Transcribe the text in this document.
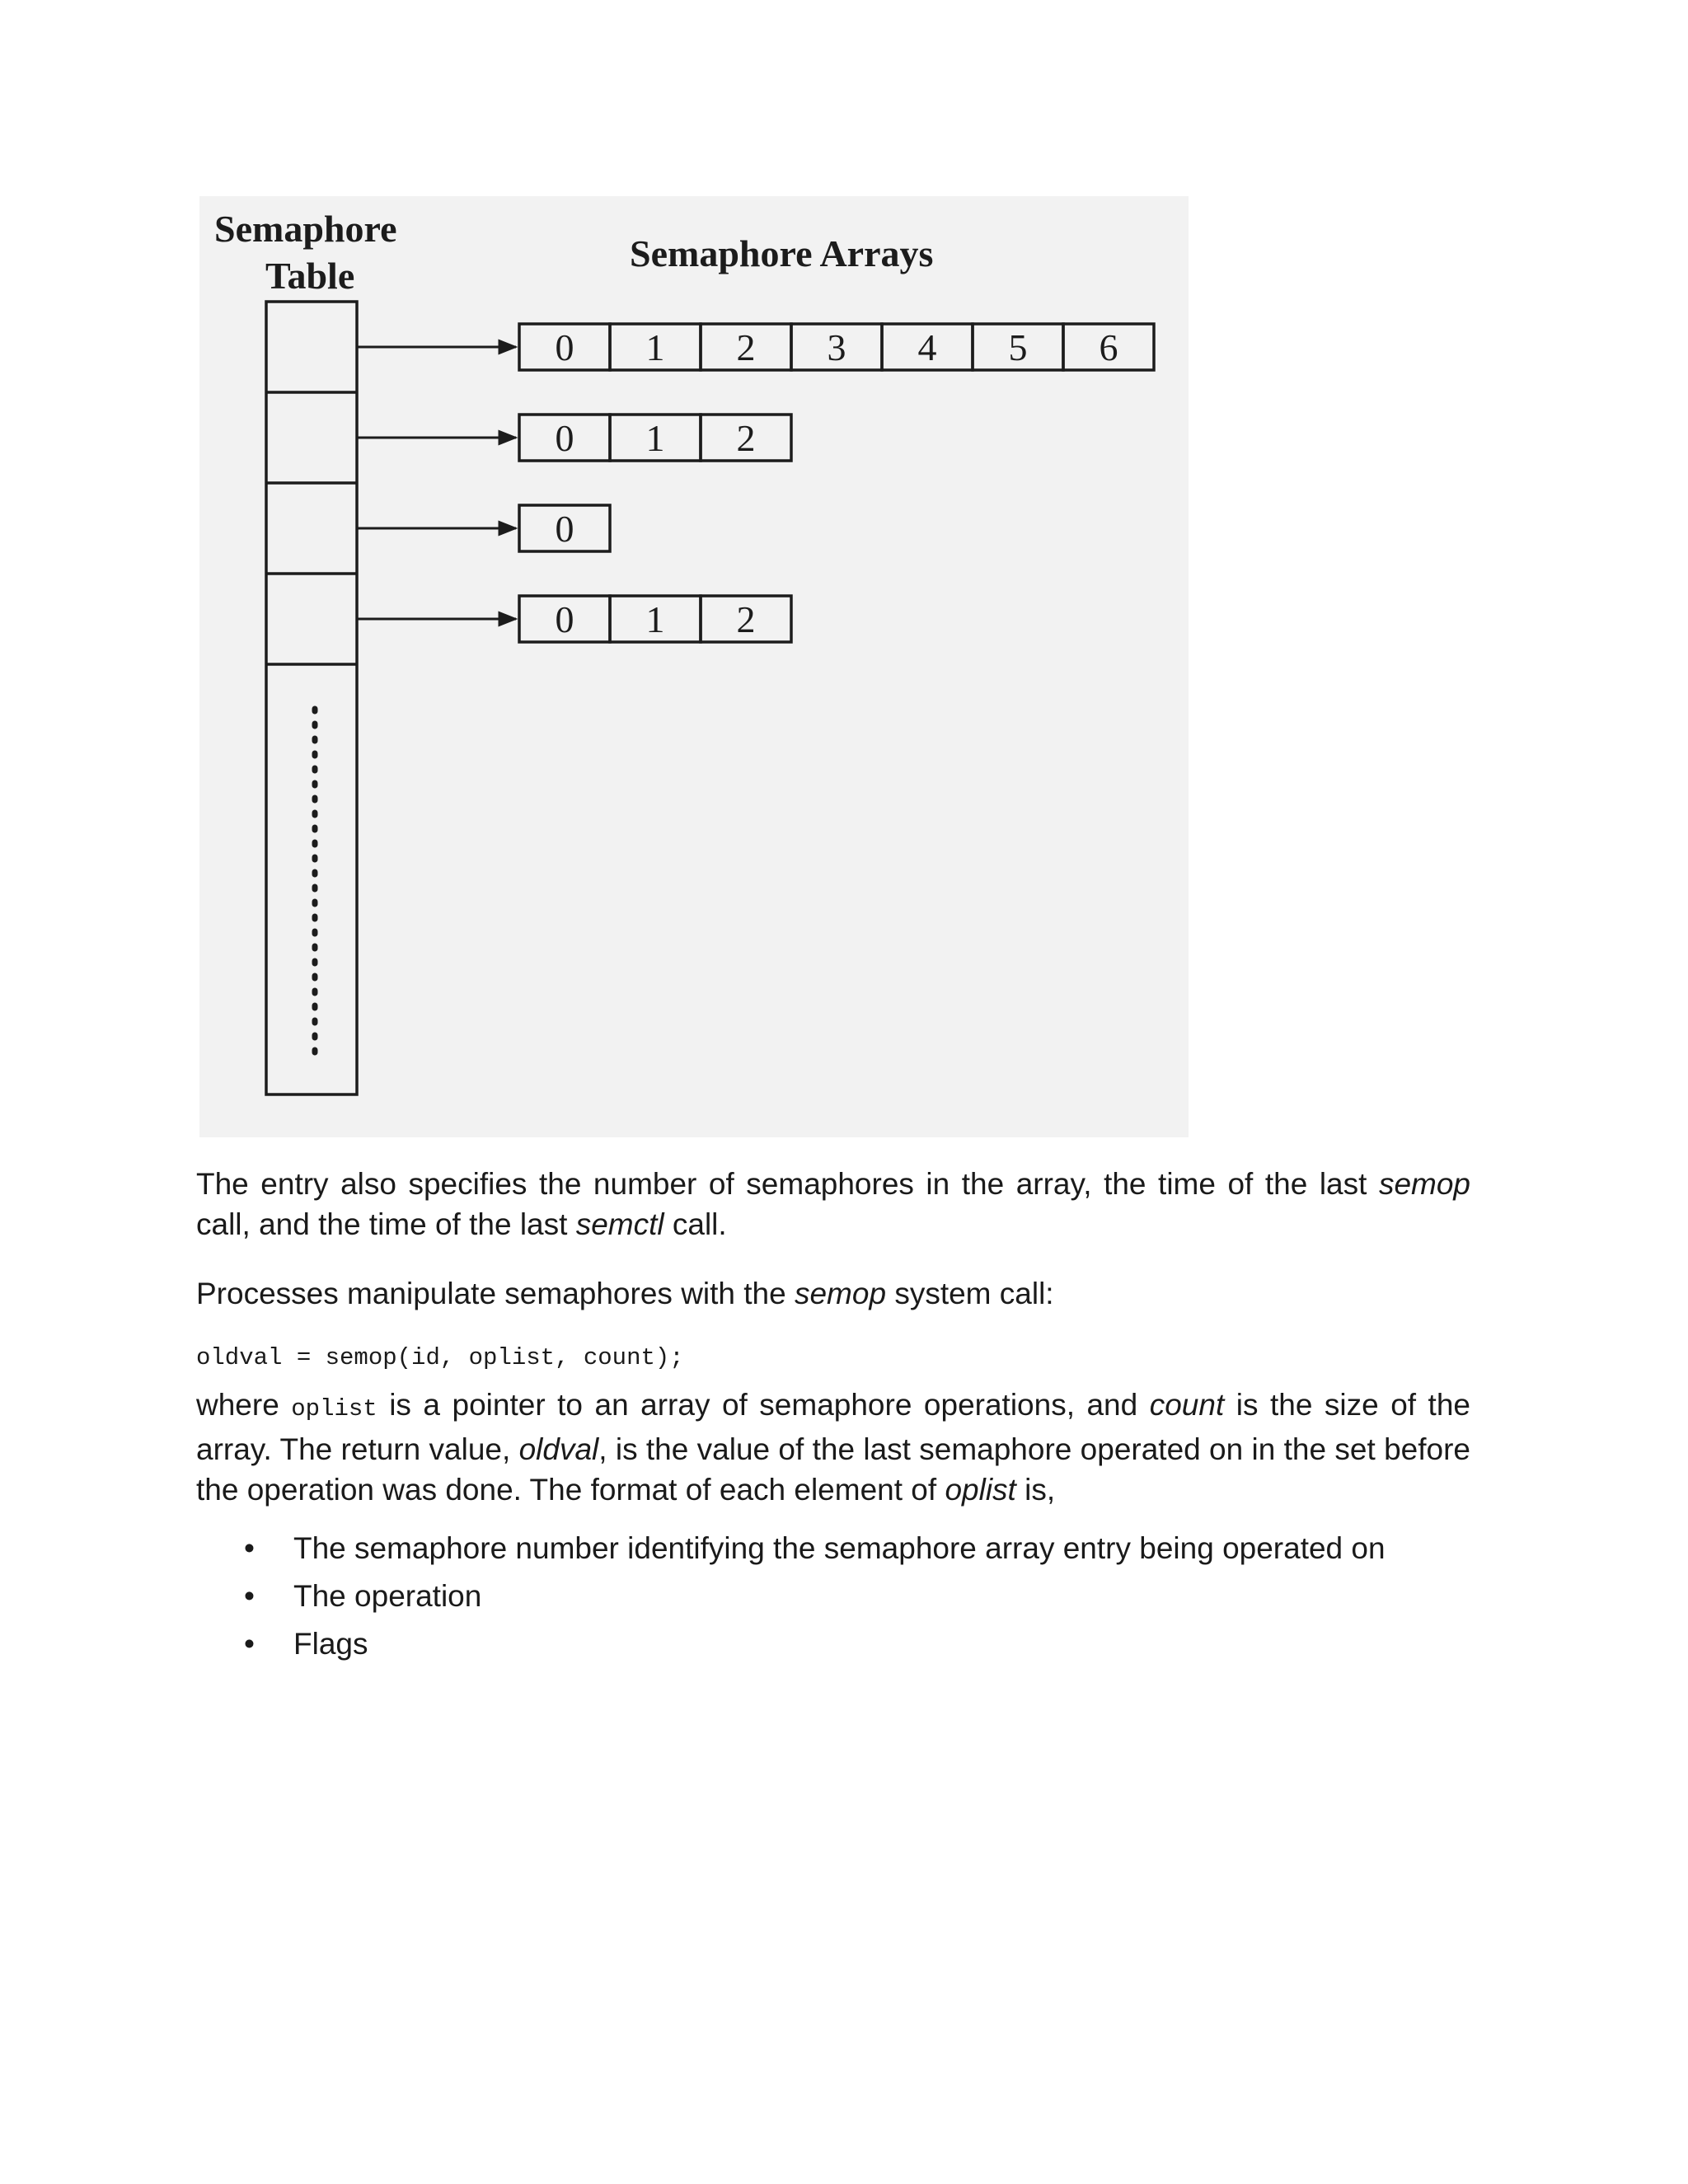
Semaphore
Table
Semaphore Arrays
0 1 2 3 4 5 6
0 1 2
0
0 1 2

The entry also specifies the number of semaphores in the array, the time of the last semop call, and the time of the last semctl call.

Processes manipulate semaphores with the semop system call:

oldval = semop(id, oplist, count);

where oplist is a pointer to an array of semaphore operations, and count is the size of the array. The return value, oldval, is the value of the last semaphore operated on in the set before the operation was done. The format of each element of oplist is,

• The semaphore number identifying the semaphore array entry being operated on
• The operation
• Flags
